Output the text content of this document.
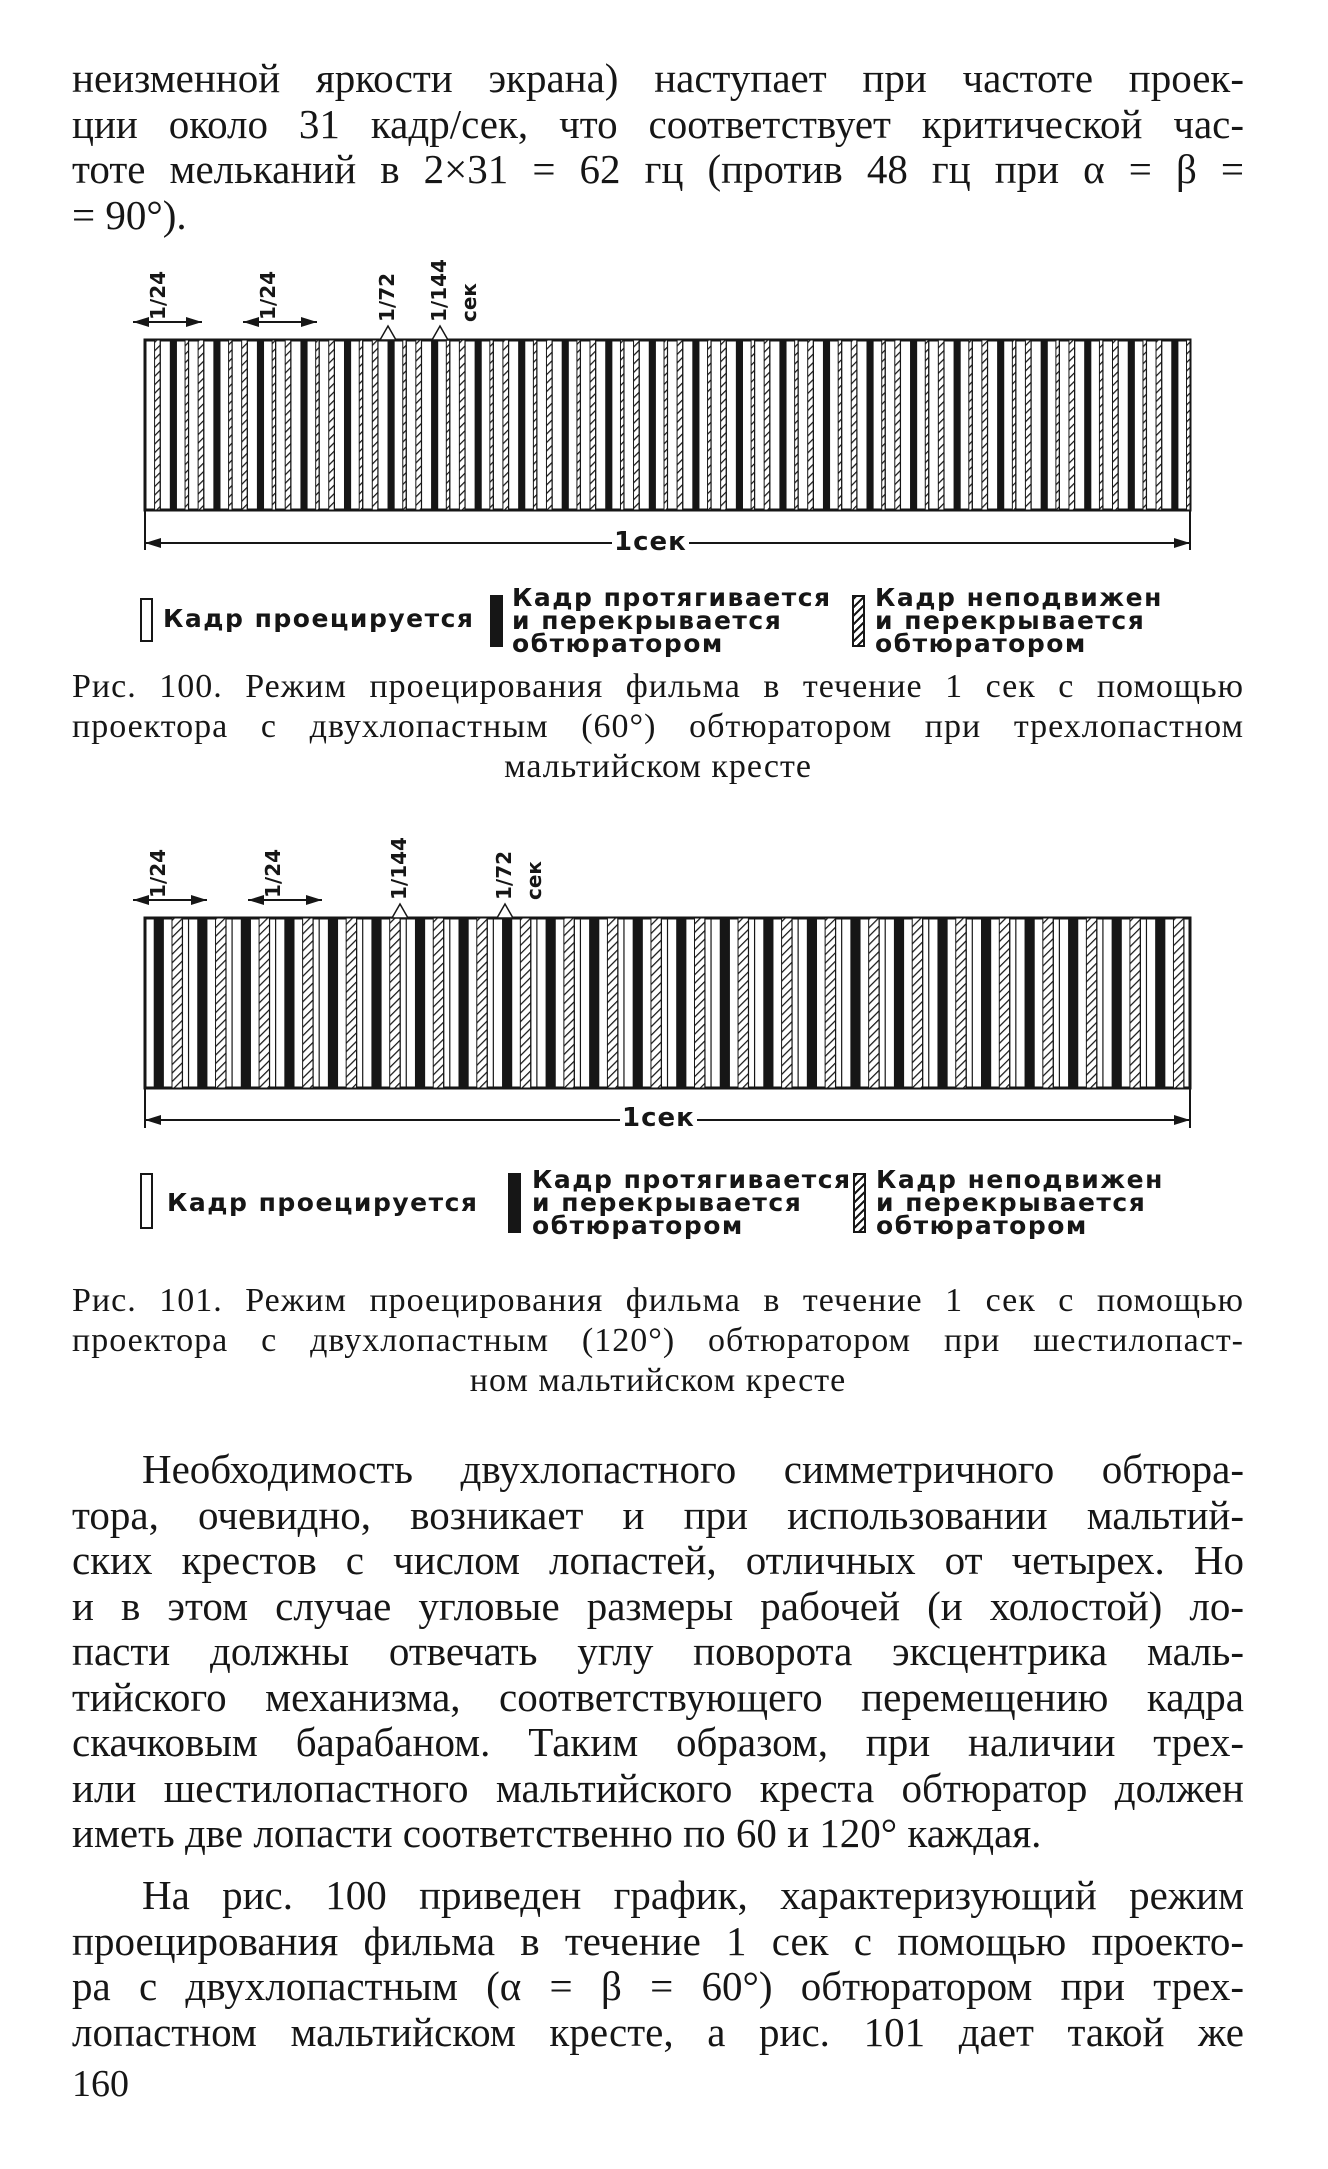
неизменной яркости экрана) наступает при частоте проек-
ции около 31 кадр/сек, что соответствует критической час-
тоте мельканий в 2×31 = 62 гц (против 48 гц при α = β =
= 90°).
1/24	1/24	1/72 1/144 сек
1сек
Кадр проецируется
Кадр протягивается
и перекрывается
обтюратором
Кадр неподвижен
и перекрывается
обтюратором
Рис. 100. Режим проецирования фильма в течение 1 сек с помощью
проектора с двухлопастным (60°) обтюратором при трехлопастном
мальтийском кресте
1/24	1/24	1/144	1/72 сек
1сек
Кадр проецируется
Кадр протягивается
и перекрывается
обтюратором
Кадр неподвижен
и перекрывается
обтюратором
Рис. 101. Режим проецирования фильма в течение 1 сек с помощью
проектора с двухлопастным (120°) обтюратором при шестилопаст-
ном мальтийском кресте
Необходимость двухлопастного симметричного обтюра-
тора, очевидно, возникает и при использовании мальтий-
ских крестов с числом лопастей, отличных от четырех. Но
и в этом случае угловые размеры рабочей (и холостой) ло-
пасти должны отвечать углу поворота эксцентрика маль-
тийского механизма, соответствующего перемещению кадра
скачковым барабаном. Таким образом, при наличии трех-
или шестилопастного мальтийского креста обтюратор должен
иметь две лопасти соответственно по 60 и 120° каждая.
На рис. 100 приведен график, характеризующий режим
проецирования фильма в течение 1 сек с помощью проекто-
ра с двухлопастным (α = β = 60°) обтюратором при трех-
лопастном мальтийском кресте, а рис. 101 дает такой же
160
